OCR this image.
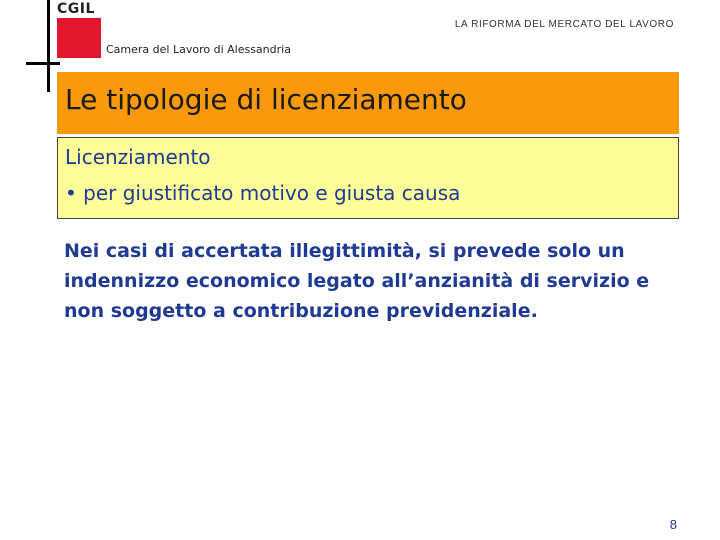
CGIL
Camera del Lavoro di Alessandria
LA RIFORMA DEL MERCATO DEL LAVORO
Le tipologie di licenziamento
Licenziamento
• per giustificato motivo e giusta causa
Nei casi di accertata illegittimità, si prevede solo un indennizzo economico legato all’anzianità di servizio e non soggetto a contribuzione previdenziale.
8
